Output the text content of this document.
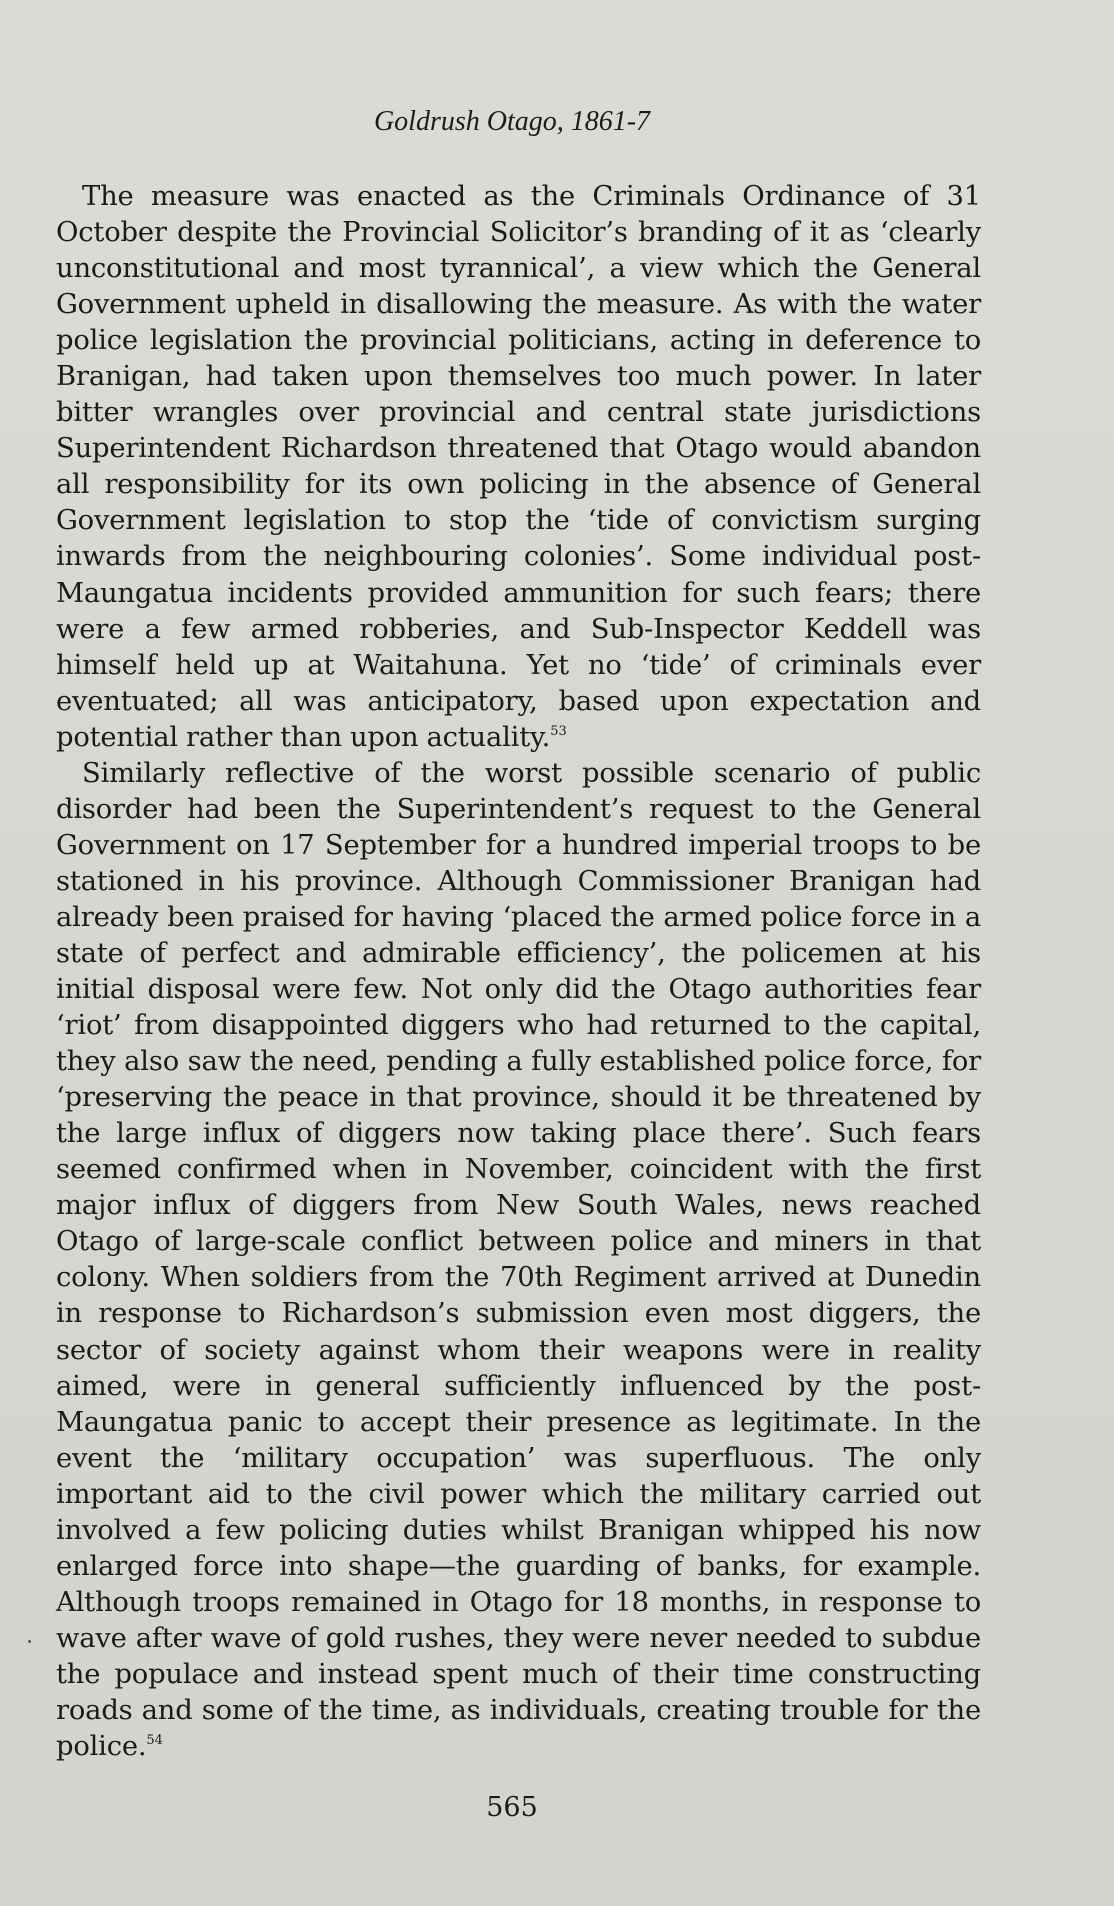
Goldrush Otago, 1861-7

The measure was enacted as the Criminals Ordinance of 31 October despite the Provincial Solicitor’s branding of it as ‘clearly unconstitutional and most tyrannical’, a view which the General Government upheld in disallowing the measure. As with the water police legislation the provincial politicians, acting in deference to Branigan, had taken upon themselves too much power. In later bitter wrangles over provincial and central state jurisdictions Superintendent Richardson threatened that Otago would abandon all responsibility for its own policing in the absence of General Government legislation to stop the ‘tide of convictism surging inwards from the neighbouring colonies’. Some individual post-Maungatua incidents provided ammunition for such fears; there were a few armed robberies, and Sub-Inspector Keddell was himself held up at Waitahuna. Yet no ‘tide’ of criminals ever eventuated; all was anticipatory, based upon expectation and potential rather than upon actuality.$^{53}$

Similarly reflective of the worst possible scenario of public disorder had been the Superintendent’s request to the General Government on 17 September for a hundred imperial troops to be stationed in his province. Although Commissioner Branigan had already been praised for having ‘placed the armed police force in a state of perfect and admirable efficiency’, the policemen at his initial disposal were few. Not only did the Otago authorities fear ‘riot’ from disappointed diggers who had returned to the capital, they also saw the need, pending a fully established police force, for ‘preserving the peace in that province, should it be threatened by the large influx of diggers now taking place there’. Such fears seemed confirmed when in November, coincident with the first major influx of diggers from New South Wales, news reached Otago of large-scale conflict between police and miners in that colony. When soldiers from the 70th Regiment arrived at Dunedin in response to Richardson’s submission even most diggers, the sector of society against whom their weapons were in reality aimed, were in general sufficiently influenced by the post-Maungatua panic to accept their presence as legitimate. In the event the ‘military occupation’ was superfluous. The only important aid to the civil power which the military carried out involved a few policing duties whilst Branigan whipped his now enlarged force into shape—the guarding of banks, for example. Although troops remained in Otago for 18 months, in response to wave after wave of gold rushes, they were never needed to subdue the populace and instead spent much of their time constructing roads and some of the time, as individuals, creating trouble for the police.$^{54}$

565
